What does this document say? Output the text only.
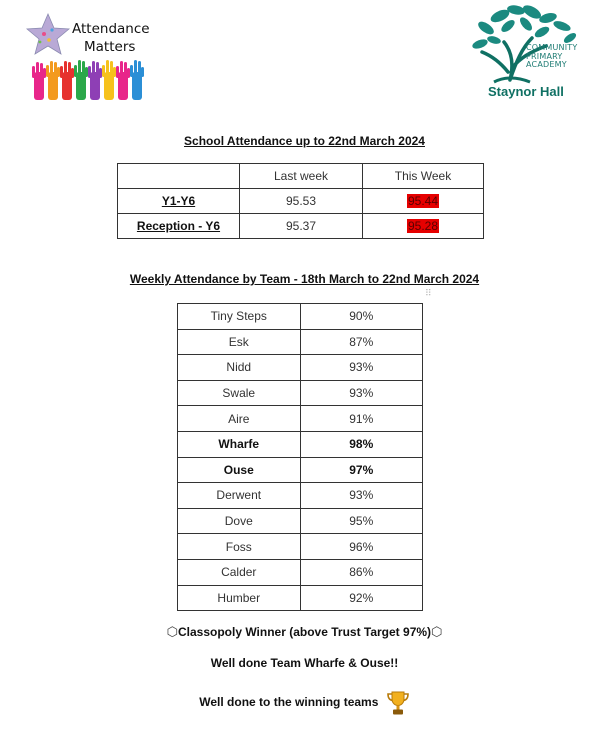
Attendance
Matters	COMMUNITY
PRIMARY
ACADEMY
Staynor Hall
School Attendance up to 22nd March 2024
	Last week	This Week
Y1-Y6	95.53	95.44
Reception - Y6	95.37	95.28
Weekly Attendance by Team - 18th March to 22nd March 2024
⠿
Tiny Steps	90%
Esk	87%
Nidd	93%
Swale	93%
Aire	91%
Wharfe	98%
Ouse	97%
Derwent	93%
Dove	95%
Foss	96%
Calder	86%
Humber	92%
⬡Classopoly Winner (above Trust Target 97%)⬡
Well done Team Wharfe & Ouse!!
Well done to the winning teams
